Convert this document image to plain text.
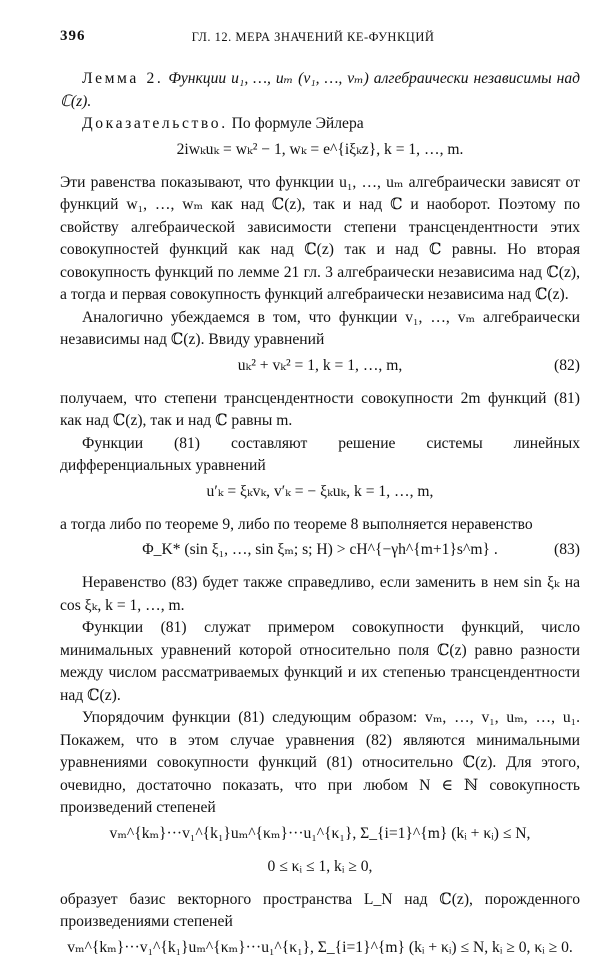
396	ГЛ. 12. МЕРА ЗНАЧЕНИЙ КЕ-ФУНКЦИЙ

Лемма 2. Функции u₁, …, uₘ (v₁, …, vₘ) алгебраически независимы над ℂ(z).

Доказательство. По формуле Эйлера

2iwₖuₖ = wₖ² − 1, wₖ = e^{iξₖz}, k = 1, …, m.

Эти равенства показывают, что функции u₁, …, uₘ алгебраически зависят от функций w₁, …, wₘ как над ℂ(z), так и над ℂ и наоборот. Поэтому по свойству алгебраической зависимости степени трансцендентности этих совокупностей функций как над ℂ(z) так и над ℂ равны. Но вторая совокупность функций по лемме 21 гл. 3 алгебраически независима над ℂ(z), а тогда и первая совокупность функций алгебраически независима над ℂ(z).

Аналогично убеждаемся в том, что функции v₁, …, vₘ алгебраически независимы над ℂ(z). Ввиду уравнений

uₖ² + vₖ² = 1, k = 1, …, m,	(82)

получаем, что степени трансцендентности совокупности 2m функций (81) как над ℂ(z), так и над ℂ равны m.

Функции (81) составляют решение системы линейных дифференциальных уравнений

u′ₖ = ξₖvₖ, v′ₖ = − ξₖuₖ, k = 1, …, m,

а тогда либо по теореме 9, либо по теореме 8 выполняется неравенство

Φ_K* (sin ξ₁, …, sin ξₘ; s; H) > cH^{−γh^{m+1}s^m} .	(83)

Неравенство (83) будет также справедливо, если заменить в нем sin ξₖ на cos ξₖ, k = 1, …, m.

Функции (81) служат примером совокупности функций, число минимальных уравнений которой относительно поля ℂ(z) равно разности между числом рассматриваемых функций и их степенью трансцендентности над ℂ(z).

Упорядочим функции (81) следующим образом: vₘ, …, v₁, uₘ, …, u₁. Покажем, что в этом случае уравнения (82) являются минимальными уравнениями совокупности функций (81) относительно ℂ(z). Для этого, очевидно, достаточно показать, что при любом N ∈ ℕ совокупность произведений степеней

vₘ^{kₘ}···v₁^{k₁}uₘ^{κₘ}···u₁^{κ₁}, Σ_{i=1}^{m} (kᵢ + κᵢ) ≤ N,
0 ≤ κᵢ ≤ 1, kᵢ ≥ 0,

образует базис векторного пространства L_N над ℂ(z), порожденного произведениями степеней

vₘ^{kₘ}···v₁^{k₁}uₘ^{κₘ}···u₁^{κ₁}, Σ_{i=1}^{m} (kᵢ + κᵢ) ≤ N, kᵢ ≥ 0, κᵢ ≥ 0.
